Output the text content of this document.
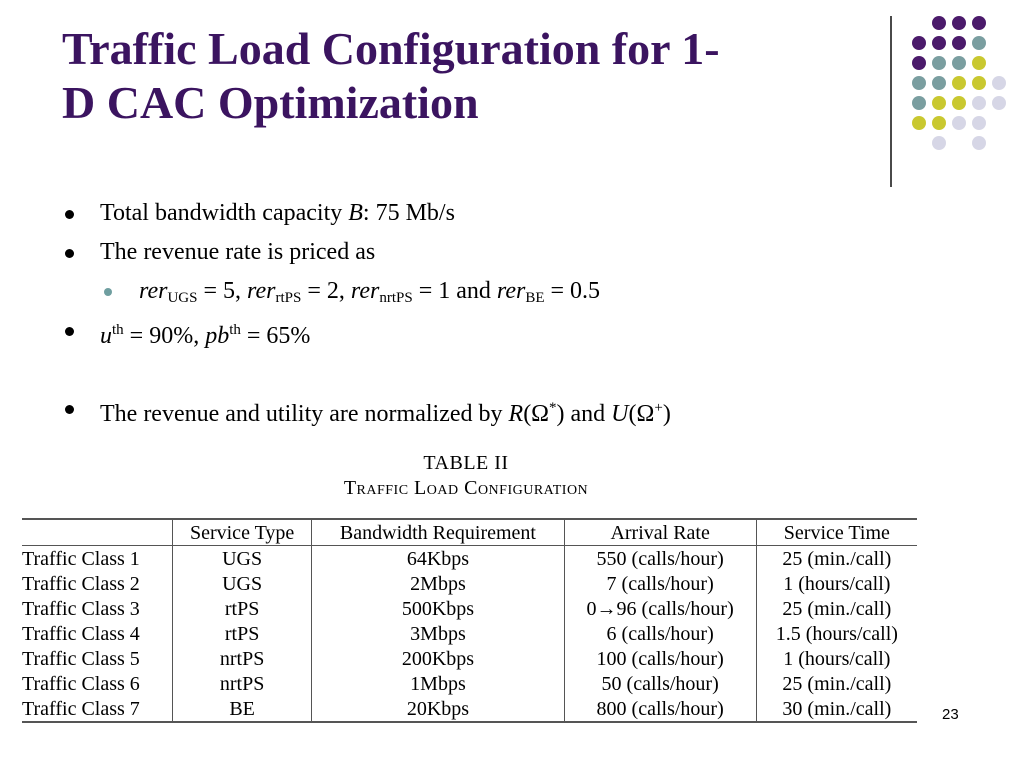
Traffic Load Configuration for 1-
D CAC Optimization
Total bandwidth capacity B: 75 Mb/s
The revenue rate is priced as
rer$_{UGS}$ = 5, rer$_{rtPS}$ = 2, rer$_{nrtPS}$ = 1 and rer$_{BE}$ = 0.5
$u^{th} = 90\%$, $pb^{th} = 65\%$
The revenue and utility are normalized by R(Ω*) and U(Ω+)
TABLE II
Traffic Load Configuration
	Service Type	Bandwidth Requirement	Arrival Rate	Service Time
Traffic Class 1	UGS	64Kbps	550 (calls/hour)	25 (min./call)
Traffic Class 2	UGS	2Mbps	7 (calls/hour)	1 (hours/call)
Traffic Class 3	rtPS	500Kbps	0→96 (calls/hour)	25 (min./call)
Traffic Class 4	rtPS	3Mbps	6 (calls/hour)	1.5 (hours/call)
Traffic Class 5	nrtPS	200Kbps	100 (calls/hour)	1 (hours/call)
Traffic Class 6	nrtPS	1Mbps	50 (calls/hour)	25 (min./call)
Traffic Class 7	BE	20Kbps	800 (calls/hour)	30 (min./call)	23
